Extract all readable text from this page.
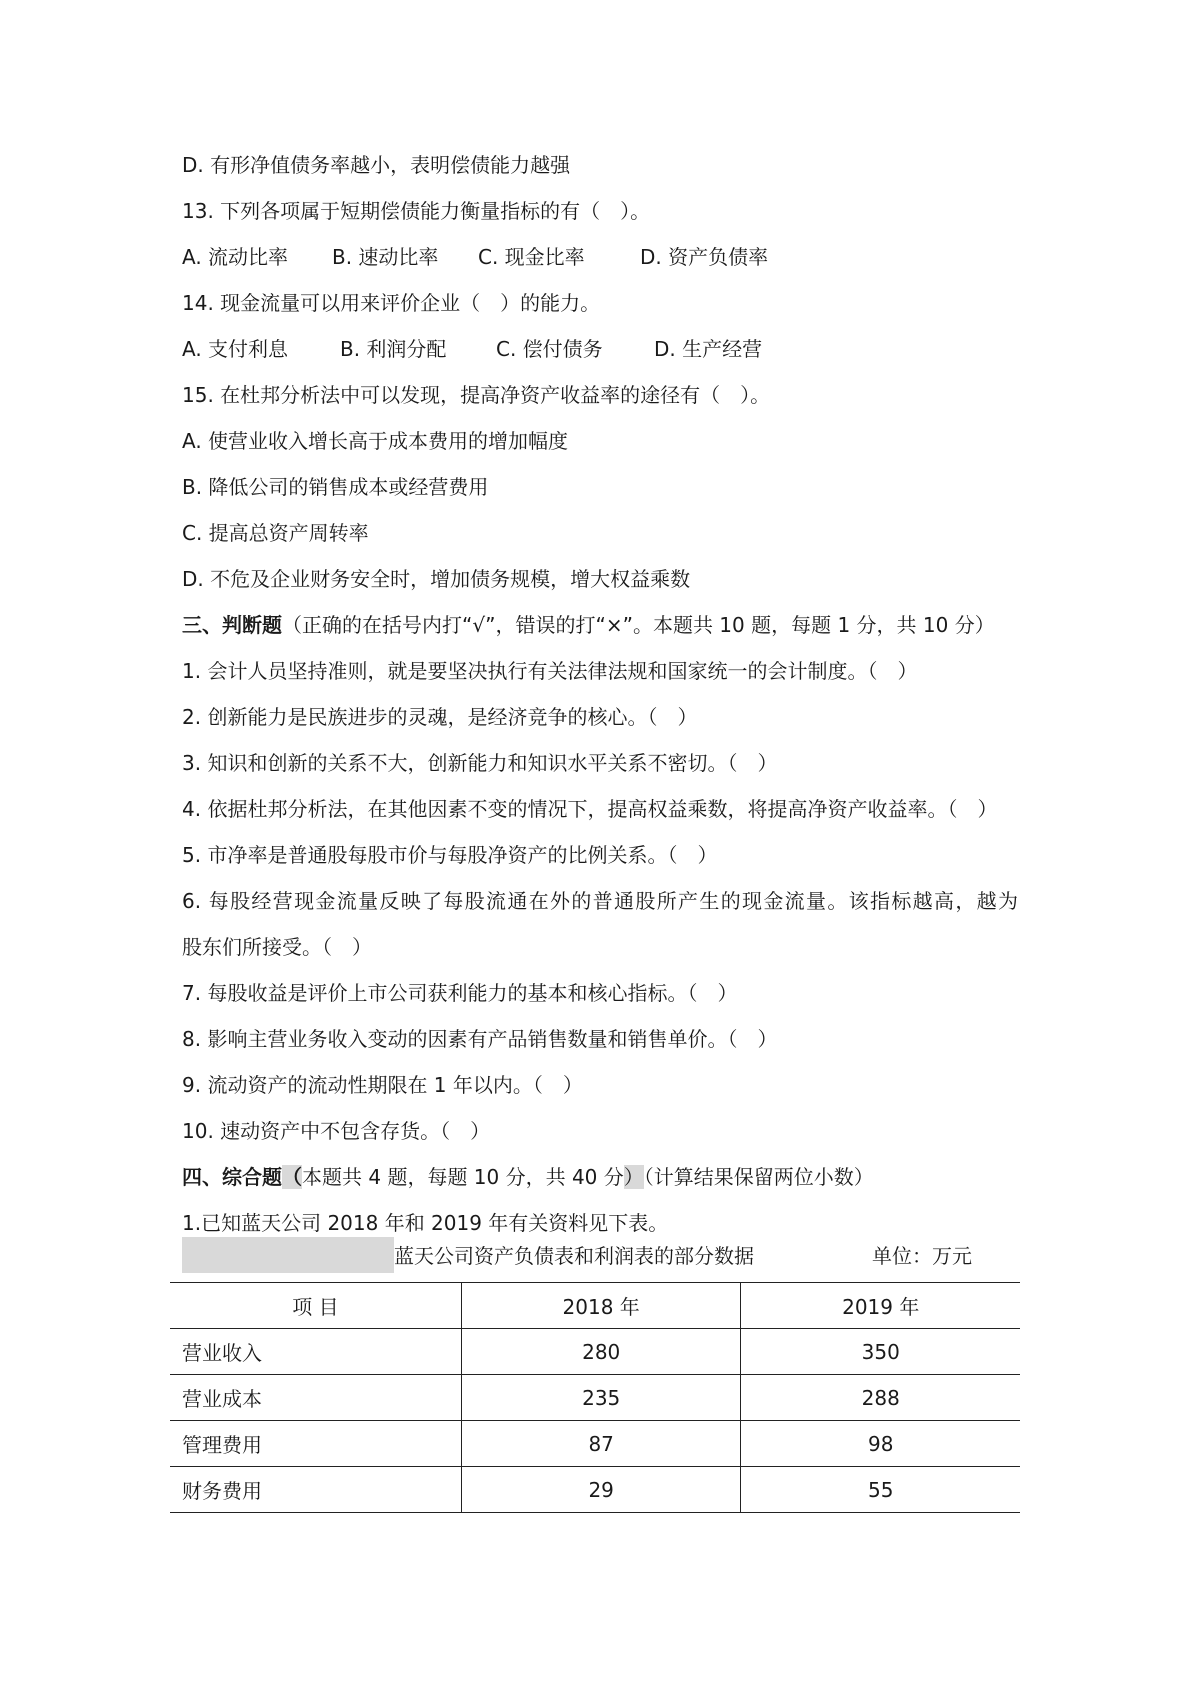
D. 有形净值债务率越小，表明偿债能力越强
13. 下列各项属于短期偿债能力衡量指标的有（　）。
A. 流动比率 B. 速动比率 C. 现金比率	D. 资产负债率
14. 现金流量可以用来评价企业（　）的能力。
A. 支付利息	B. 利润分配 C. 偿付债务	D. 生产经营
15. 在杜邦分析法中可以发现，提高净资产收益率的途径有（　）。
A. 使营业收入增长高于成本费用的增加幅度
B. 降低公司的销售成本或经营费用
C. 提高总资产周转率
D. 不危及企业财务安全时，增加债务规模，增大权益乘数
三、判断题（正确的在括号内打“√”，错误的打“×”。本题共 10 题，每题 1 分，共 10 分）
1. 会计人员坚持准则，就是要坚决执行有关法律法规和国家统一的会计制度。（　）
2. 创新能力是民族进步的灵魂，是经济竞争的核心。（　）
3. 知识和创新的关系不大，创新能力和知识水平关系不密切。（　）
4. 依据杜邦分析法，在其他因素不变的情况下，提高权益乘数，将提高净资产收益率。（　）
5. 市净率是普通股每股市价与每股净资产的比例关系。（　）
6. 每股经营现金流量反映了每股流通在外的普通股所产生的现金流量。该指标越高，越为
股东们所接受。（　）
7. 每股收益是评价上市公司获利能力的基本和核心指标。（　）
8. 影响主营业务收入变动的因素有产品销售数量和销售单价。（　）
9. 流动资产的流动性期限在 1 年以内。（　）
10. 速动资产中不包含存货。（　）
四、综合题（本题共 4 题，每题 10 分，共 40 分）（计算结果保留两位小数）
1.已知蓝天公司 2018 年和 2019 年有关资料见下表。
蓝天公司资产负债表和利润表的部分数据	单位：万元
项 目	2018 年	2019 年
营业收入	280	350
营业成本	235	288
管理费用	87	98
财务费用	29	55
